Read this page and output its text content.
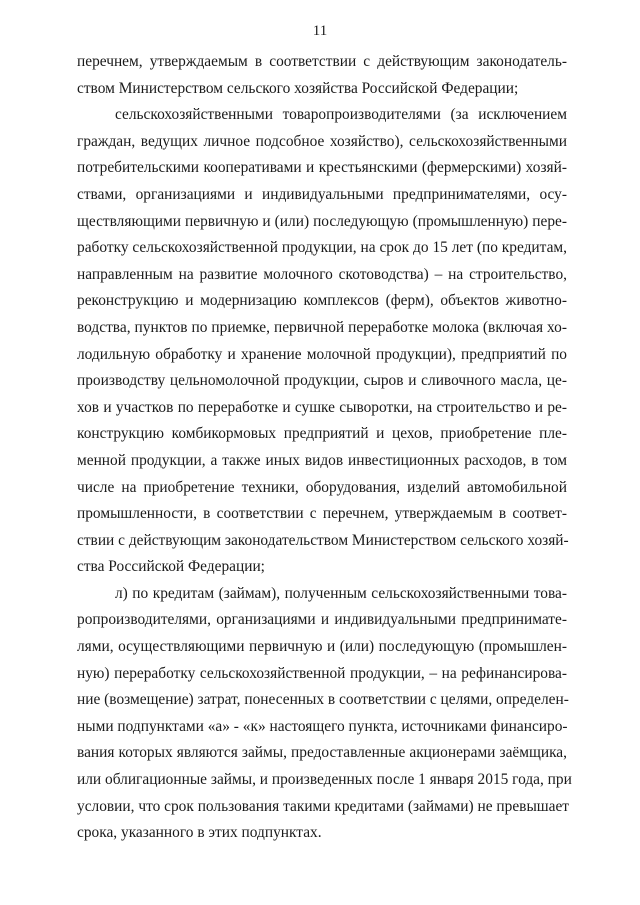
11
перечнем, утверждаемым в соответствии с действующим законодатель-
ством Министерством сельского хозяйства Российской Федерации;
сельскохозяйственными товаропроизводителями (за исключением
граждан, ведущих личное подсобное хозяйство), сельскохозяйственными
потребительскими кооперативами и крестьянскими (фермерскими) хозяй-
ствами, организациями и индивидуальными предпринимателями, осу-
ществляющими первичную и (или) последующую (промышленную) пере-
работку сельскохозяйственной продукции, на срок до 15 лет (по кредитам,
направленным на развитие молочного скотоводства) – на строительство,
реконструкцию и модернизацию комплексов (ферм), объектов животно-
водства, пунктов по приемке, первичной переработке молока (включая хо-
лодильную обработку и хранение молочной продукции), предприятий по
производству цельномолочной продукции, сыров и сливочного масла, це-
хов и участков по переработке и сушке сыворотки, на строительство и ре-
конструкцию комбикормовых предприятий и цехов, приобретение пле-
менной продукции, а также иных видов инвестиционных расходов, в том
числе на приобретение техники, оборудования, изделий автомобильной
промышленности, в соответствии с перечнем, утверждаемым в соответ-
ствии с действующим законодательством Министерством сельского хозяй-
ства Российской Федерации;
л) по кредитам (займам), полученным сельскохозяйственными това-
ропроизводителями, организациями и индивидуальными предпринимате-
лями, осуществляющими первичную и (или) последующую (промышлен-
ную) переработку сельскохозяйственной продукции, – на рефинансирова-
ние (возмещение) затрат, понесенных в соответствии с целями, определен-
ными подпунктами «а» - «к» настоящего пункта, источниками финансиро-
вания которых являются займы, предоставленные акционерами заёмщика,
или облигационные займы, и произведенных после 1 января 2015 года, при
условии, что срок пользования такими кредитами (займами) не превышает
срока, указанного в этих подпунктах.
